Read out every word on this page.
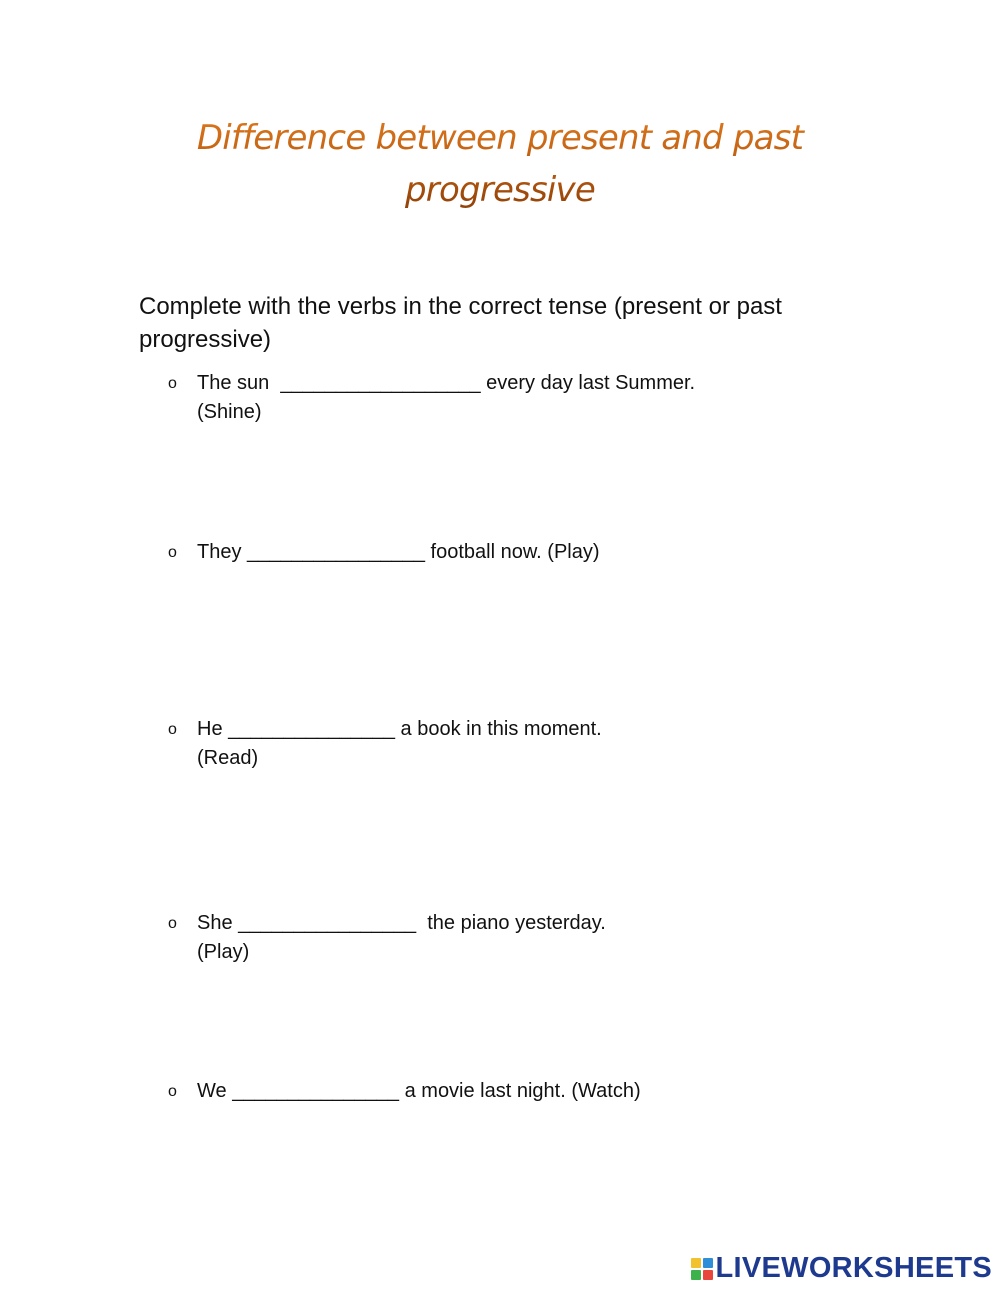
Difference between present and past
progressive
Complete with the verbs in the correct tense (present or past
progressive)
o The sun  __________________ every day last Summer.
(Shine)
o They ________________ football now. (Play)
o He _______________ a book in this moment.
(Read)
o She ________________  the piano yesterday.
(Play)
o We _______________ a movie last night. (Watch)
LIVEWORKSHEETS
